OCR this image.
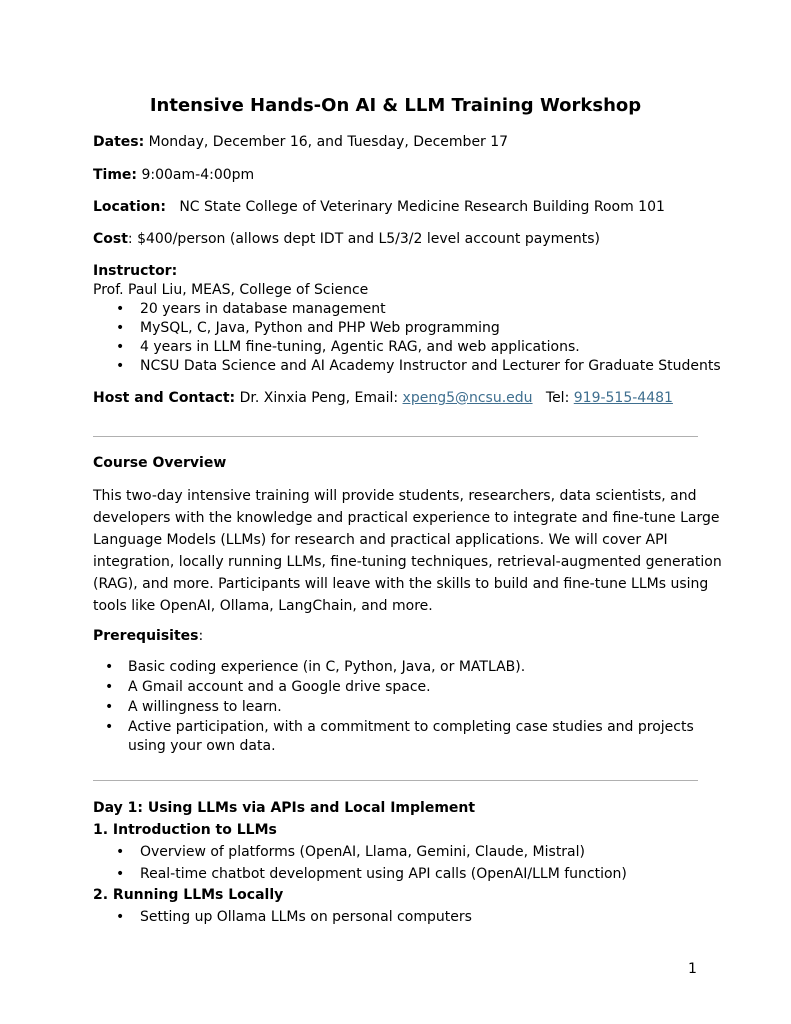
Intensive Hands-On AI & LLM Training Workshop
Dates: Monday, December 16, and Tuesday, December 17
Time: 9:00am-4:00pm
Location:   NC State College of Veterinary Medicine Research Building Room 101
Cost: $400/person (allows dept IDT and L5/3/2 level account payments)
Instructor:
Prof. Paul Liu, MEAS, College of Science
• 20 years in database management
• MySQL, C, Java, Python and PHP Web programming
• 4 years in LLM fine-tuning, Agentic RAG, and web applications.
• NCSU Data Science and AI Academy Instructor and Lecturer for Graduate Students
Host and Contact: Dr. Xinxia Peng, Email: xpeng5@ncsu.edu   Tel: 919-515-4481
Course Overview
This two-day intensive training will provide students, researchers, data scientists, and
developers with the knowledge and practical experience to integrate and fine-tune Large
Language Models (LLMs) for research and practical applications. We will cover API
integration, locally running LLMs, fine-tuning techniques, retrieval-augmented generation
(RAG), and more. Participants will leave with the skills to build and fine-tune LLMs using
tools like OpenAI, Ollama, LangChain, and more.
Prerequisites:
• Basic coding experience (in C, Python, Java, or MATLAB).
• A Gmail account and a Google drive space.
• A willingness to learn.
• Active participation, with a commitment to completing case studies and projects
using your own data.
Day 1: Using LLMs via APIs and Local Implement
1. Introduction to LLMs
• Overview of platforms (OpenAI, Llama, Gemini, Claude, Mistral)
• Real-time chatbot development using API calls (OpenAI/LLM function)
2. Running LLMs Locally
• Setting up Ollama LLMs on personal computers
1
